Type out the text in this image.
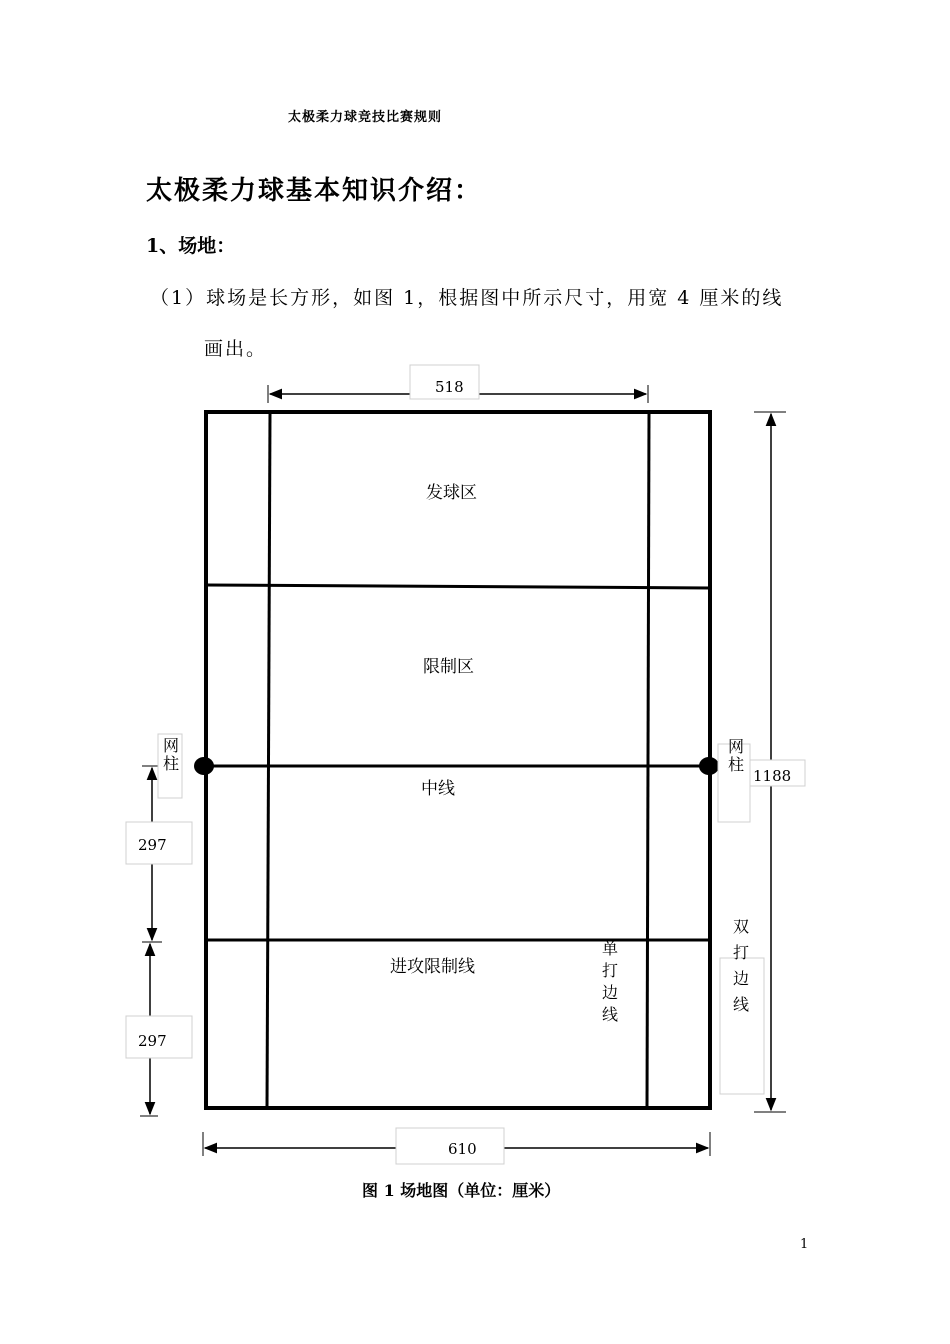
太极柔力球竞技比赛规则
太极柔力球基本知识介绍：
1、场地：
（1）球场是长方形，如图 1，根据图中所示尺寸，用宽 4 厘米的线
画出。
518
1188
297
297
610
发球区
限制区
中线
进攻限制线
网柱	网柱
单打边线	双打边线
图 1 场地图（单位：厘米）
1
